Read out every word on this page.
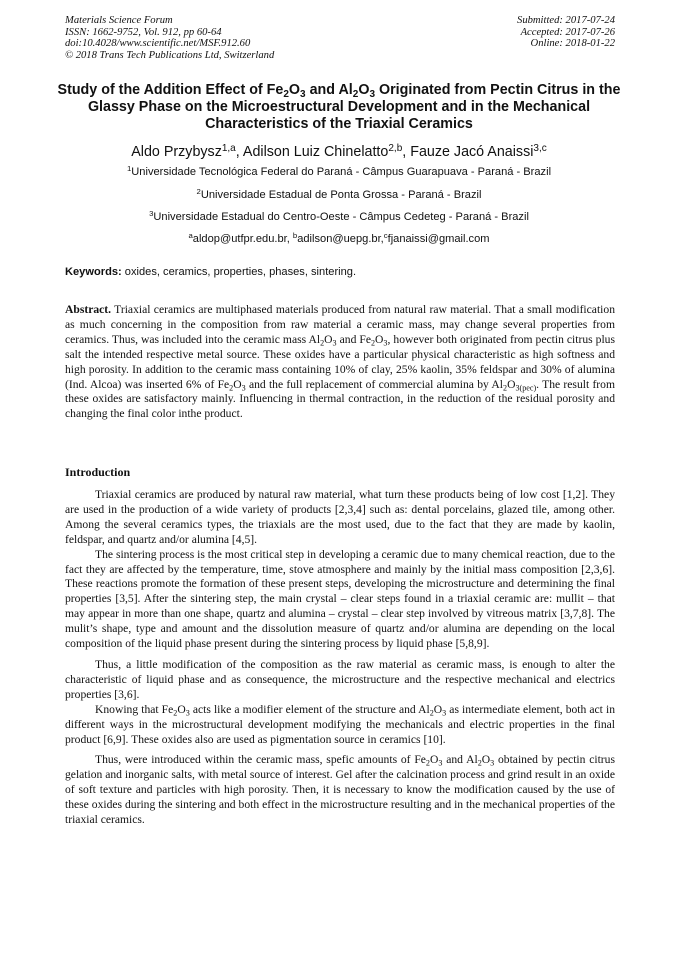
Materials Science Forum
ISSN: 1662-9752, Vol. 912, pp 60-64
doi:10.4028/www.scientific.net/MSF.912.60
© 2018 Trans Tech Publications Ltd, Switzerland
Submitted: 2017-07-24
Accepted: 2017-07-26
Online: 2018-01-22
Study of the Addition Effect of $Fe_2O_3$ and $Al_2O_3$ Originated from Pectin Citrus in the Glassy Phase on the Microestructural Development and in the Mechanical Characteristics of the Triaxial Ceramics
Aldo Przybysz$^{1,a}$, Adilson Luiz Chinelatto$^{2,b}$, Fauze Jacó Anaissi$^{3,c}$
$^1$Universidade Tecnológica Federal do Paraná - Câmpus Guarapuava - Paraná - Brazil
$^2$Universidade Estadual de Ponta Grossa - Paraná - Brazil
$^3$Universidade Estadual do Centro-Oeste - Câmpus Cedeteg - Paraná - Brazil
$^a$aldop@utfpr.edu.br, $^b$adilson@uepg.br,$^c$fjanaissi@gmail.com
Keywords: oxides, ceramics, properties, phases, sintering.
Abstract. Triaxial ceramics are multiphased materials produced from natural raw material. That a small modification as much concerning in the composition from raw material a ceramic mass, may change several properties from ceramics. Thus, was included into the ceramic mass $Al_2O_3$ and $Fe_2O_3$, however both originated from pectin citrus plus salt the intended respective metal source. These oxides have a particular physical characteristic as high softness and high porosity. In addition to the ceramic mass containing 10% of clay, 25% kaolin, 35% feldspar and 30% of alumina (Ind. Alcoa) was inserted 6% of $Fe_2O_3$ and the full replacement of commercial alumina by $Al_2O_{3(pec)}$. The result from these oxides are satisfactory mainly. Influencing in thermal contraction, in the reduction of the residual porosity and changing the final color inthe product.
Introduction

Triaxial ceramics are produced by natural raw material, what turn these products being of low cost [1,2]. They are used in the production of a wide variety of products [2,3,4] such as: dental porcelains, glazed tile, among other. Among the several ceramics types, the triaxials are the most used, due to the fact that they are made by kaolin, feldspar, and quartz and/or alumina [4,5].

The sintering process is the most critical step in developing a ceramic due to many chemical reaction, due to the fact they are affected by the temperature, time, stove atmosphere and mainly by the initial mass composition [2,3,6]. These reactions promote the formation of these present steps, developing the microstructure and determining the final properties [3,5]. After the sintering step, the main crystal – clear steps found in a triaxial ceramic are: mullit – that may appear in more than one shape, quartz and alumina – crystal – clear step involved by vitreous matrix [3,7,8]. The mulit’s shape, type and amount and the dissolution measure of quartz and/or alumina are depending on the local composition of the liquid phase present during the sintering process by liquid phase [5,8,9].

Thus, a little modification of the composition as the raw material as ceramic mass, is enough to alter the characteristic of liquid phase and as consequence, the microstructure and the respective mechanical and electrics properties [3,6].

Knowing that $Fe_2O_3$ acts like a modifier element of the structure and $Al_2O_3$ as intermediate element, both act in different ways in the microstructural development modifying the mechanicals and electric properties in the final product [6,9]. These oxides also are used as pigmentation source in ceramics [10].

Thus, were introduced within the ceramic mass, spefic amounts of $Fe_2O_3$ and $Al_2O_3$ obtained by pectin citrus gelation and inorganic salts, with metal source of interest. Gel after the calcination process and grind result in an oxide of soft texture and particles with high porosity. Then, it is necessary to know the modification caused by the use of these oxides during the sintering and both effect in the microstructure resulting and in the mechanical properties of the triaxial ceramics.
